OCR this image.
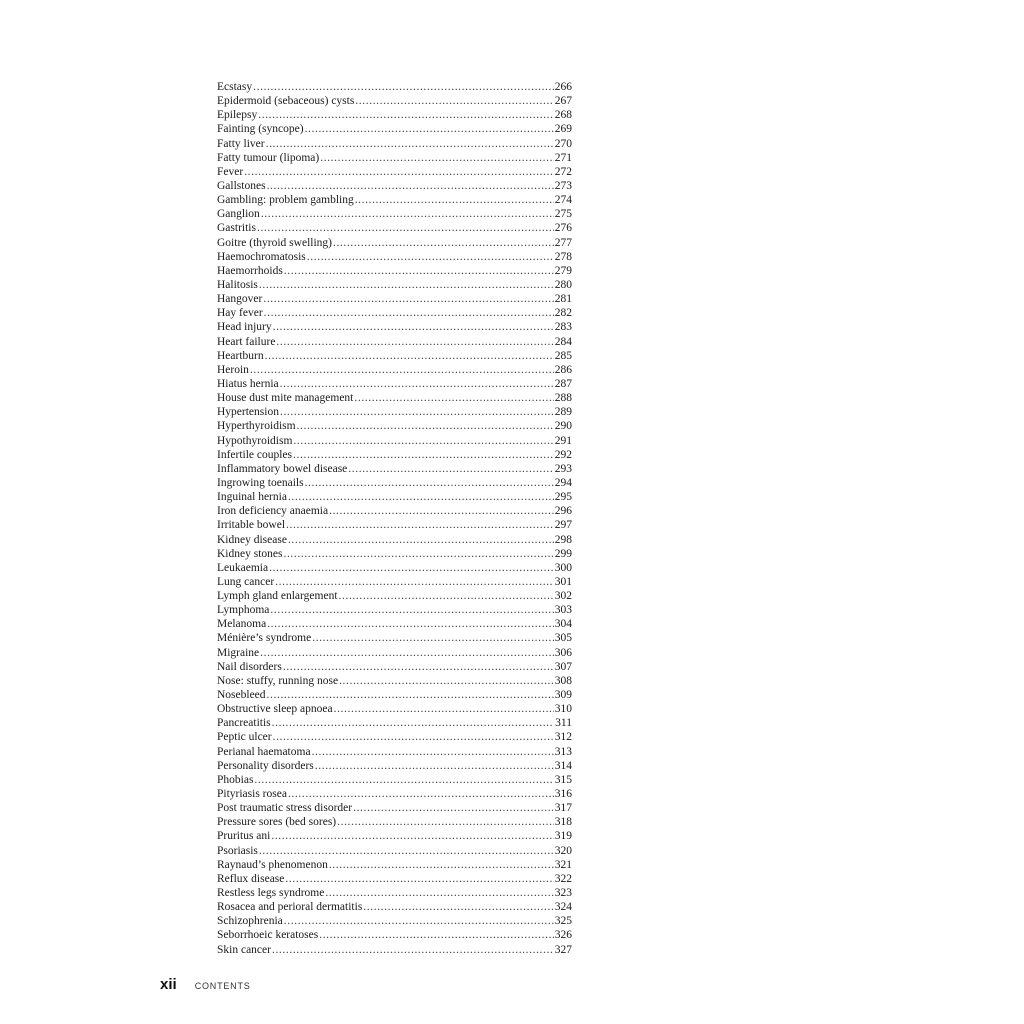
Ecstasy .....	266
Epidermoid (sebaceous) cysts .....	267
Epilepsy .....	268
Fainting (syncope) .....	269
Fatty liver .....	270
Fatty tumour (lipoma) .....	271
Fever .....	272
Gallstones .....	273
Gambling: problem gambling .....	274
Ganglion .....	275
Gastritis .....	276
Goitre (thyroid swelling) .....	277
Haemochromatosis .....	278
Haemorrhoids .....	279
Halitosis .....	280
Hangover .....	281
Hay fever .....	282
Head injury .....	283
Heart failure .....	284
Heartburn .....	285
Heroin .....	286
Hiatus hernia .....	287
House dust mite management .....	288
Hypertension .....	289
Hyperthyroidism .....	290
Hypothyroidism .....	291
Infertile couples .....	292
Inflammatory bowel disease .....	293
Ingrowing toenails .....	294
Inguinal hernia .....	295
Iron deficiency anaemia .....	296
Irritable bowel .....	297
Kidney disease .....	298
Kidney stones .....	299
Leukaemia .....	300
Lung cancer .....	301
Lymph gland enlargement .....	302
Lymphoma .....	303
Melanoma .....	304
Ménière’s syndrome .....	305
Migraine .....	306
Nail disorders .....	307
Nose: stuffy, running nose .....	308
Nosebleed .....	309
Obstructive sleep apnoea .....	310
Pancreatitis .....	311
Peptic ulcer .....	312
Perianal haematoma .....	313
Personality disorders .....	314
Phobias .....	315
Pityriasis rosea .....	316
Post traumatic stress disorder .....	317
Pressure sores (bed sores) .....	318
Pruritus ani .....	319
Psoriasis .....	320
Raynaud’s phenomenon .....	321
Reflux disease .....	322
Restless legs syndrome .....	323
Rosacea and perioral dermatitis .....	324
Schizophrenia .....	325
Seborrhoeic keratoses .....	326
Skin cancer .....	327
xii CONTENTS
